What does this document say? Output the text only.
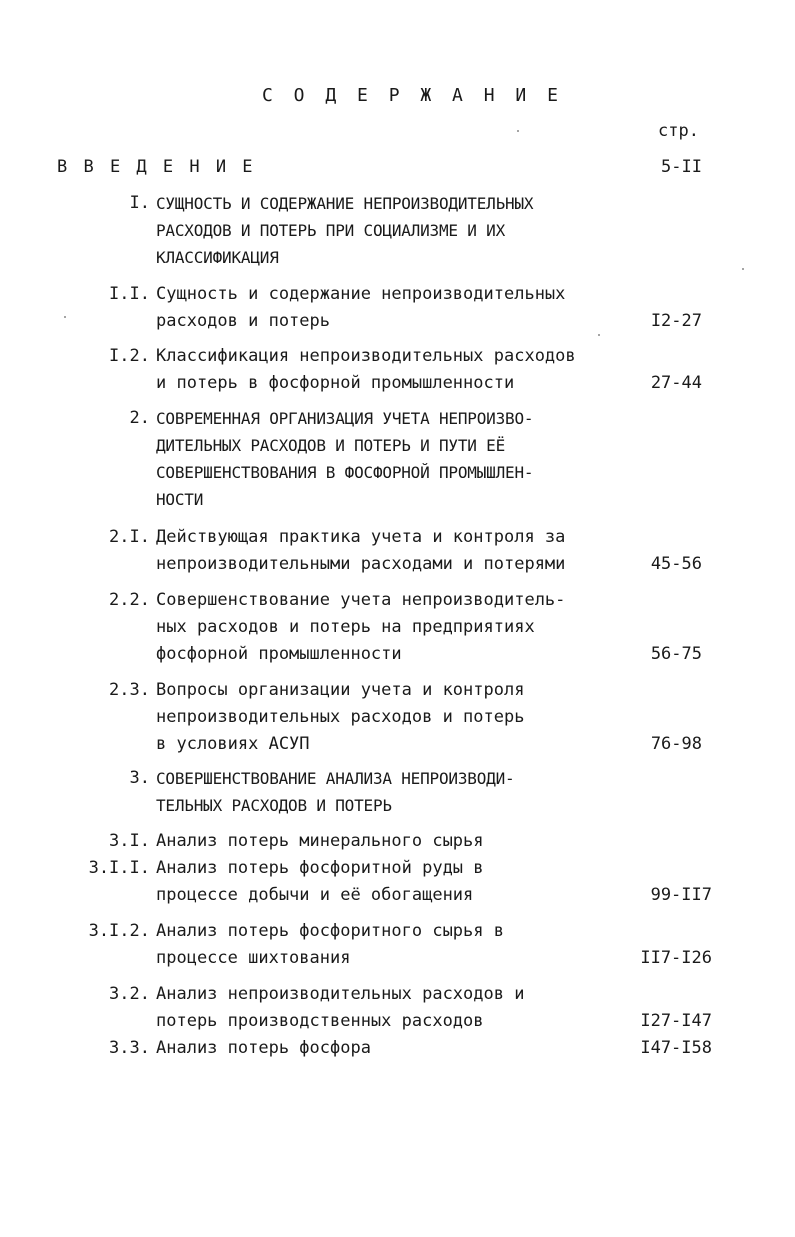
С О Д Е Р Ж А Н И Е
стр.
В В Е Д Е Н И Е	5-II
I. СУЩНОСТЬ И СОДЕРЖАНИЕ НЕПРОИЗВОДИТЕЛЬНЫХ
РАСХОДОВ И ПОТЕРЬ ПРИ СОЦИАЛИЗМЕ И ИХ
КЛАССИФИКАЦИЯ
I.I. Сущность и содержание непроизводительных
расходов и потерь	I2-27
I.2. Классификация непроизводительных расходов
и потерь в фосфорной промышленности	27-44
2. СОВРЕМЕННАЯ ОРГАНИЗАЦИЯ УЧЕТА НЕПРОИЗВО-
ДИТЕЛЬНЫХ РАСХОДОВ И ПОТЕРЬ И ПУТИ ЕЁ
СОВЕРШЕНСТВОВАНИЯ В ФОСФОРНОЙ ПРОМЫШЛЕН-
НОСТИ
2.I. Действующая практика учета и контроля за
непроизводительными расходами и потерями	45-56
2.2. Совершенствование учета непроизводитель-
ных расходов и потерь на предприятиях
фосфорной промышленности	56-75
2.3. Вопросы организации учета и контроля
непроизводительных расходов и потерь
в условиях АСУП	76-98
3. СОВЕРШЕНСТВОВАНИЕ АНАЛИЗА НЕПРОИЗВОДИ-
ТЕЛЬНЫХ РАСХОДОВ И ПОТЕРЬ
3.I. Анализ потерь минерального сырья
3.I.I. Анализ потерь фосфоритной руды в
процессе добычи и её обогащения	99-II7
3.I.2. Анализ потерь фосфоритного сырья в
процессе шихтования	II7-I26
3.2. Анализ непроизводительных расходов и
потерь производственных расходов	I27-I47
3.3. Анализ потерь фосфора	I47-I58
